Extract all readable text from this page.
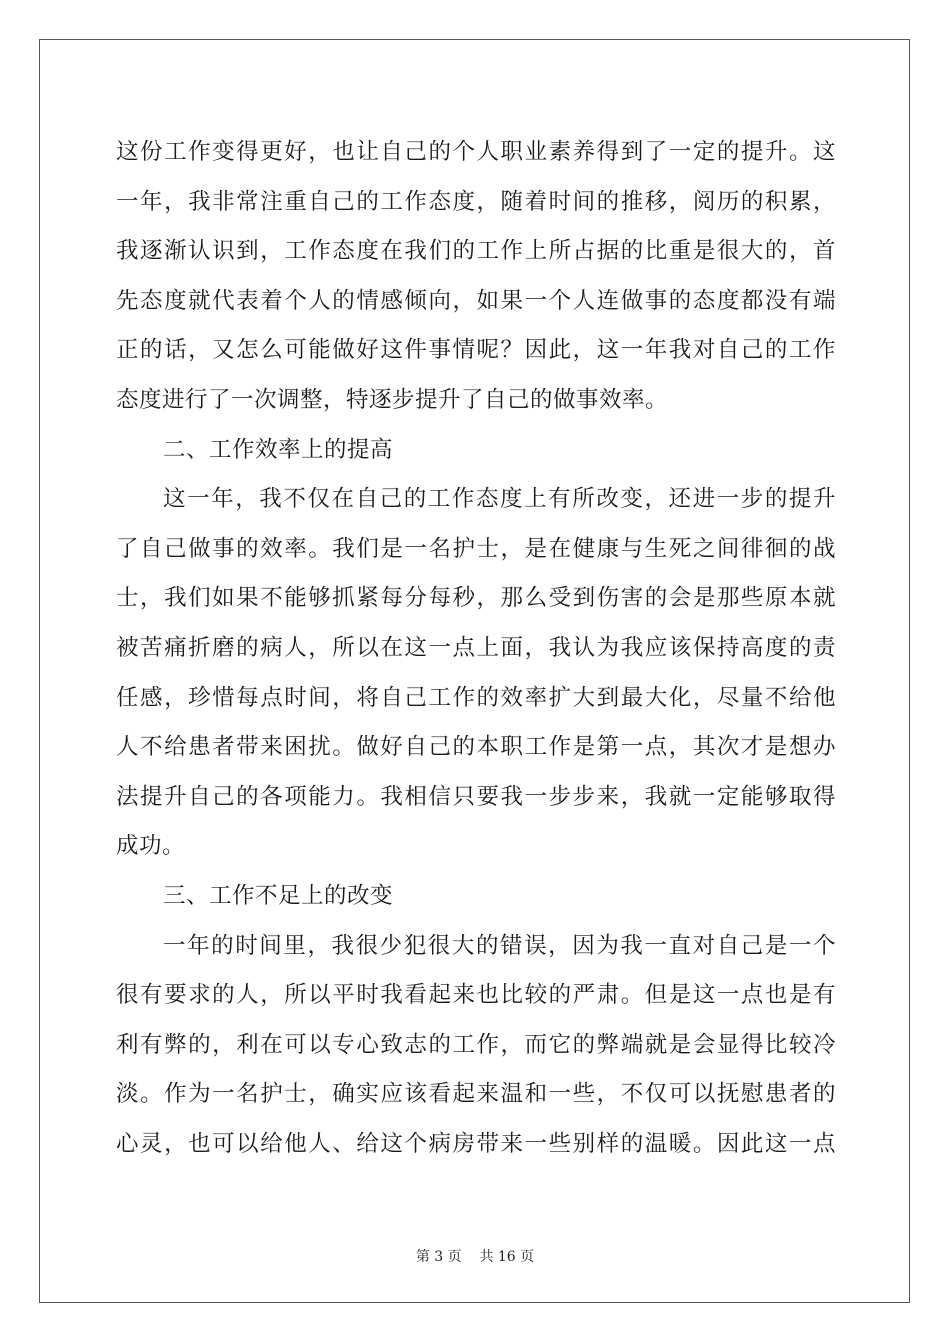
这份工作变得更好，也让自己的个人职业素养得到了一定的提升。这
一年，我非常注重自己的工作态度，随着时间的推移，阅历的积累，
我逐渐认识到，工作态度在我们的工作上所占据的比重是很大的，首
先态度就代表着个人的情感倾向，如果一个人连做事的态度都没有端
正的话，又怎么可能做好这件事情呢？因此，这一年我对自己的工作
态度进行了一次调整，特逐步提升了自己的做事效率。
二、工作效率上的提高
这一年，我不仅在自己的工作态度上有所改变，还进一步的提升
了自己做事的效率。我们是一名护士，是在健康与生死之间徘徊的战
士，我们如果不能够抓紧每分每秒，那么受到伤害的会是那些原本就
被苦痛折磨的病人，所以在这一点上面，我认为我应该保持高度的责
任感，珍惜每点时间，将自己工作的效率扩大到最大化，尽量不给他
人不给患者带来困扰。做好自己的本职工作是第一点，其次才是想办
法提升自己的各项能力。我相信只要我一步步来，我就一定能够取得
成功。
三、工作不足上的改变
一年的时间里，我很少犯很大的错误，因为我一直对自己是一个
很有要求的人，所以平时我看起来也比较的严肃。但是这一点也是有
利有弊的，利在可以专心致志的工作，而它的弊端就是会显得比较冷
淡。作为一名护士，确实应该看起来温和一些，不仅可以抚慰患者的
心灵，也可以给他人、给这个病房带来一些别样的温暖。因此这一点
第 3 页 共 16 页
